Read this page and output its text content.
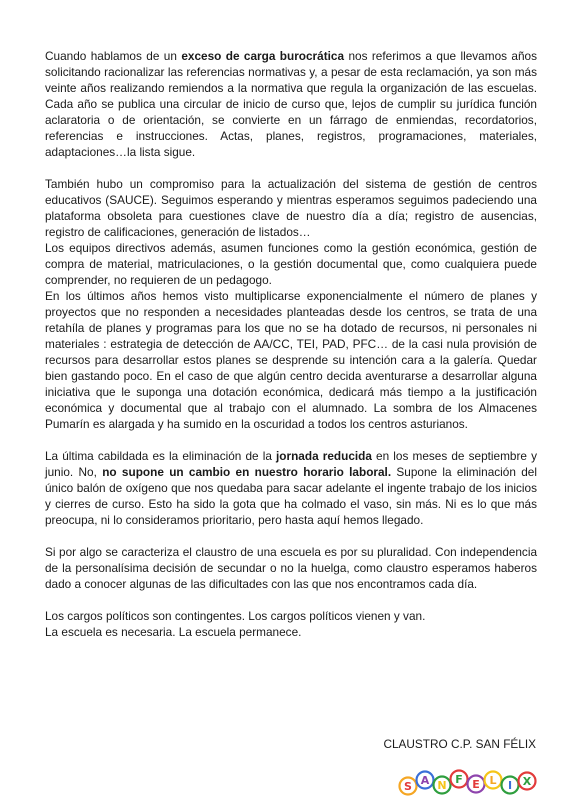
Cuando hablamos de un exceso de carga burocrática nos referimos a que llevamos años solicitando racionalizar las referencias normativas y, a pesar de esta reclamación, ya son más veinte años realizando remiendos a la normativa que regula la organización de las escuelas. Cada año se publica una circular de inicio de curso que, lejos de cumplir su jurídica función aclaratoria o de orientación, se convierte en un fárrago de enmiendas, recordatorios, referencias e instrucciones. Actas, planes, registros, programaciones, materiales, adaptaciones…la lista sigue.

También hubo un compromiso para la actualización del sistema de gestión de centros educativos (SAUCE). Seguimos esperando y mientras esperamos seguimos padeciendo una plataforma obsoleta para cuestiones clave de nuestro día a día; registro de ausencias, registro de calificaciones, generación de listados…

Los equipos directivos además, asumen funciones como la gestión económica, gestión de compra de material, matriculaciones, o la gestión documental que, como cualquiera puede comprender, no requieren de un pedagogo.

En los últimos años hemos visto multiplicarse exponencialmente el número de planes y proyectos que no responden a necesidades planteadas desde los centros, se trata de una retahíla de planes y programas para los que no se ha dotado de recursos, ni personales ni materiales : estrategia de detección de AA/CC, TEI, PAD, PFC… de la casi nula provisión de recursos para desarrollar estos planes se desprende su intención cara a la galería. Quedar bien gastando poco. En el caso de que algún centro decida aventurarse a desarrollar alguna iniciativa que le suponga una dotación económica, dedicará más tiempo a la justificación económica y documental que al trabajo con el alumnado. La sombra de los Almacenes Pumarín es alargada y ha sumido en la oscuridad a todos los centros asturianos.

La última cabildada es la eliminación de la jornada reducida en los meses de septiembre y junio. No, no supone un cambio en nuestro horario laboral. Supone la eliminación del único balón de oxígeno que nos quedaba para sacar adelante el ingente trabajo de los inicios y cierres de curso. Esto ha sido la gota que ha colmado el vaso, sin más. Ni es lo que más preocupa, ni lo consideramos prioritario, pero hasta aquí hemos llegado.

Si por algo se caracteriza el claustro de una escuela es por su pluralidad. Con independencia de la personalísima decisión de secundar o no la huelga, como claustro esperamos haberos dado a conocer algunas de las dificultades con las que nos encontramos cada día.

Los cargos políticos son contingentes. Los cargos políticos vienen y van.

La escuela es necesaria. La escuela permanece.

CLAUSTRO C.P. SAN FÉLIX
S A N F E L I X
